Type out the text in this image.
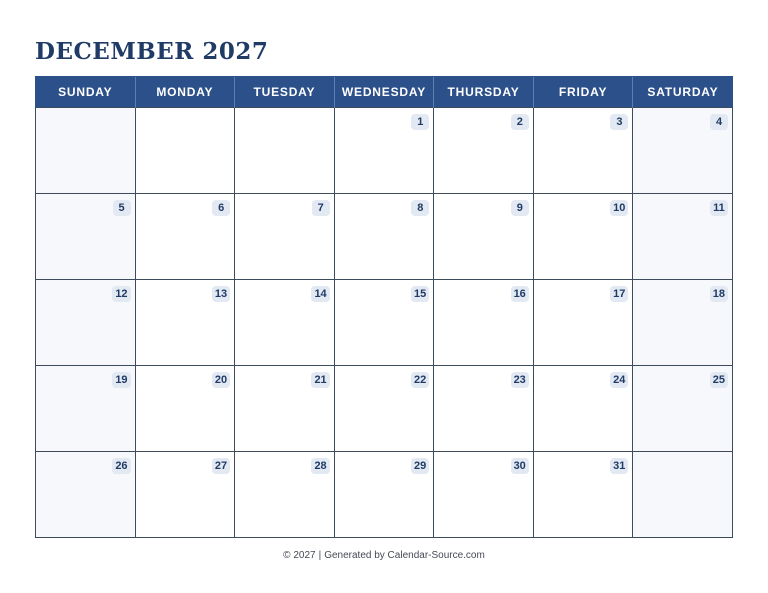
DECEMBER 2027
SUNDAY	MONDAY	TUESDAY	WEDNESDAY	THURSDAY	FRIDAY	SATURDAY
			1	2	3	4
5	6	7	8	9	10	11
12	13	14	15	16	17	18
19	20	21	22	23	24	25
26	27	28	29	30	31	
© 2027 | Generated by Calendar-Source.com
